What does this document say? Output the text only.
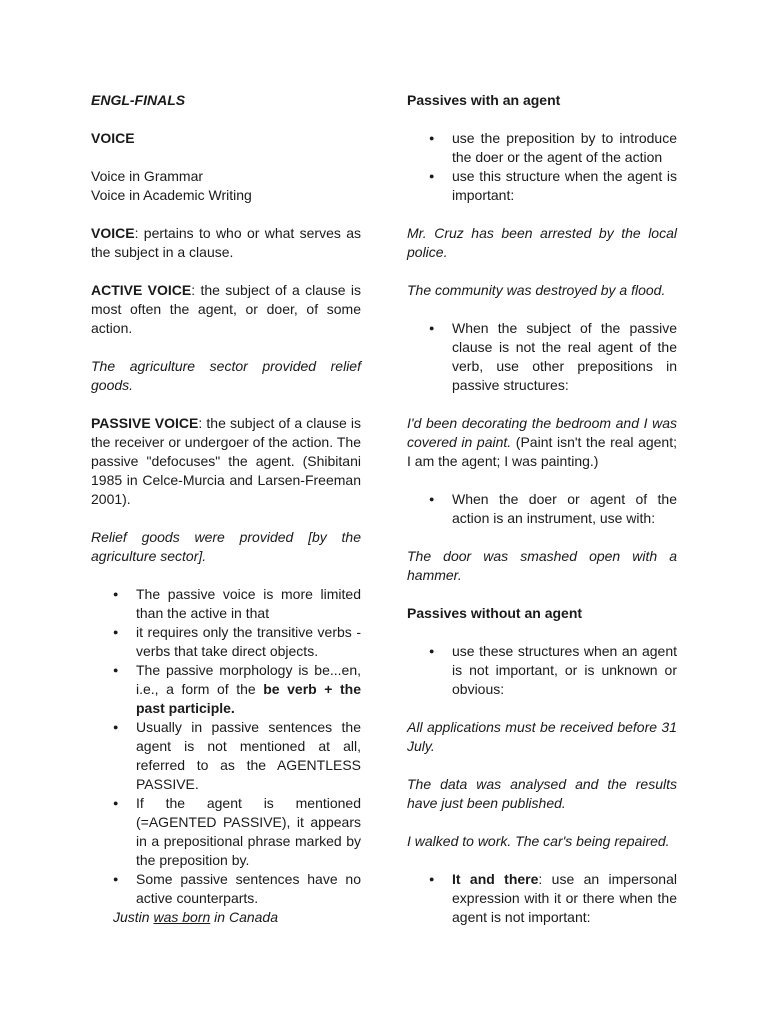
ENGL-FINALS

VOICE

Voice in Grammar
Voice in Academic Writing

VOICE: pertains to who or what serves as the subject in a clause.

ACTIVE VOICE: the subject of a clause is most often the agent, or doer, of some action.

The agriculture sector provided relief goods.

PASSIVE VOICE: the subject of a clause is the receiver or undergoer of the action. The passive "defocuses" the agent. (Shibitani 1985 in Celce-Murcia and Larsen-Freeman 2001).

Relief goods were provided [by the agriculture sector].

● The passive voice is more limited than the active in that
● it requires only the transitive verbs - verbs that take direct objects.
● The passive morphology is be...en, i.e., a form of the be verb + the past participle.
● Usually in passive sentences the agent is not mentioned at all, referred to as the AGENTLESS PASSIVE.
● If the agent is mentioned (=AGENTED PASSIVE), it appears in a prepositional phrase marked by the preposition by.
● Some passive sentences have no active counterparts.

Justin was born in Canada

Passives with an agent

● use the preposition by to introduce the doer or the agent of the action
● use this structure when the agent is important:

Mr. Cruz has been arrested by the local police.

The community was destroyed by a flood.

● When the subject of the passive clause is not the real agent of the verb, use other prepositions in passive structures:

I'd been decorating the bedroom and I was covered in paint. (Paint isn't the real agent; I am the agent; I was painting.)

● When the doer or agent of the action is an instrument, use with:

The door was smashed open with a hammer.

Passives without an agent

● use these structures when an agent is not important, or is unknown or obvious:

All applications must be received before 31 July.

The data was analysed and the results have just been published.

I walked to work. The car's being repaired.

● It and there: use an impersonal expression with it or there when the agent is not important:
